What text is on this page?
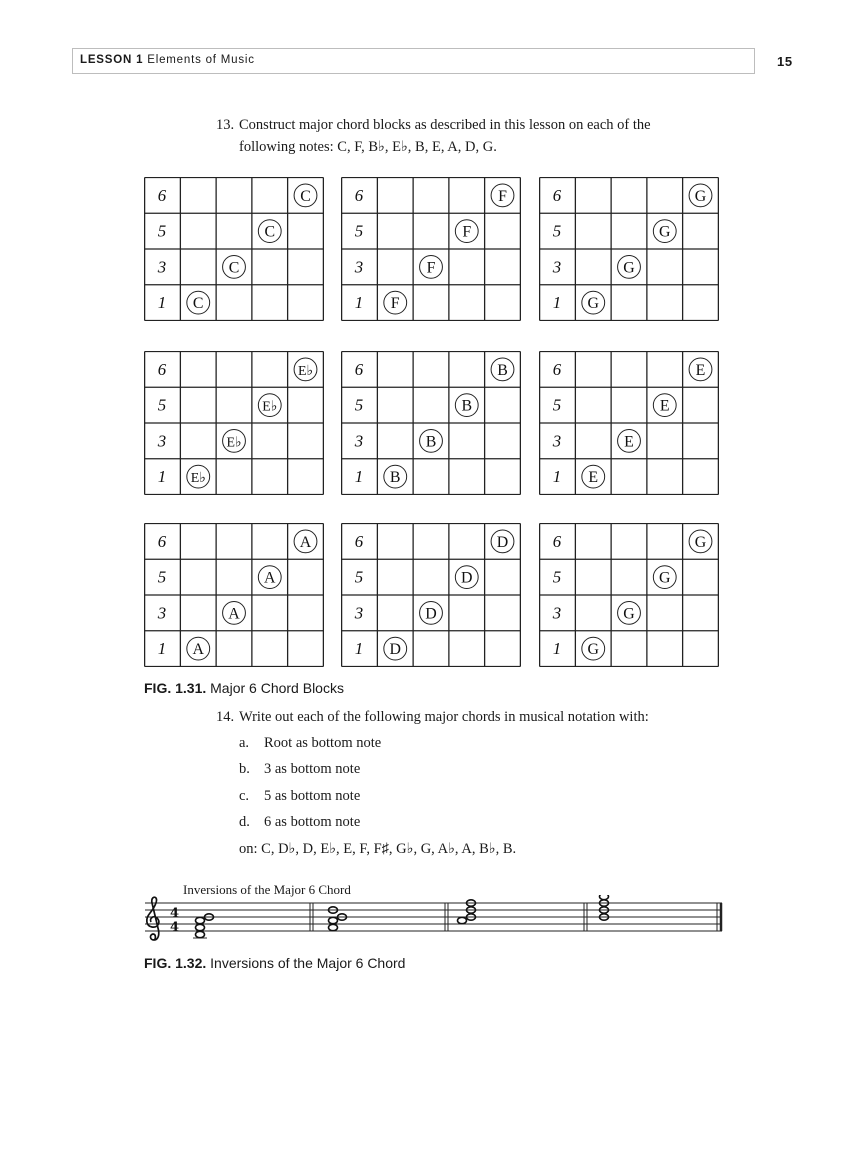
LESSON 1 Elements of Music	15
13. Construct major chord blocks as described in this lesson on each of the
following notes: C, F, B♭, E♭, B, E, A, D, G.
6
5
3
1
C
C
C
C
6
5
3
1
F
F
F
F
6
5
3
1
G
G
G
G
6
5
3
1
E♭
E♭
E♭
E♭
6
5
3
1
B
B
B
B
6
5
3
1
E
E
E
E
6
5
3
1
A
A
A
A
6
5
3
1
D
D
D
D
6
5
3
1
G
G
G
G
FIG. 1.31. Major 6 Chord Blocks
14. Write out each of the following major chords in musical notation with:
a. Root as bottom note
b. 3 as bottom note
c. 5 as bottom note
d. 6 as bottom note
on: C, D♭, D, E♭, E, F, F♯, G♭, G, A♭, A, B♭, B.
Inversions of the Major 6 Chord
4
4
FIG. 1.32. Inversions of the Major 6 Chord
